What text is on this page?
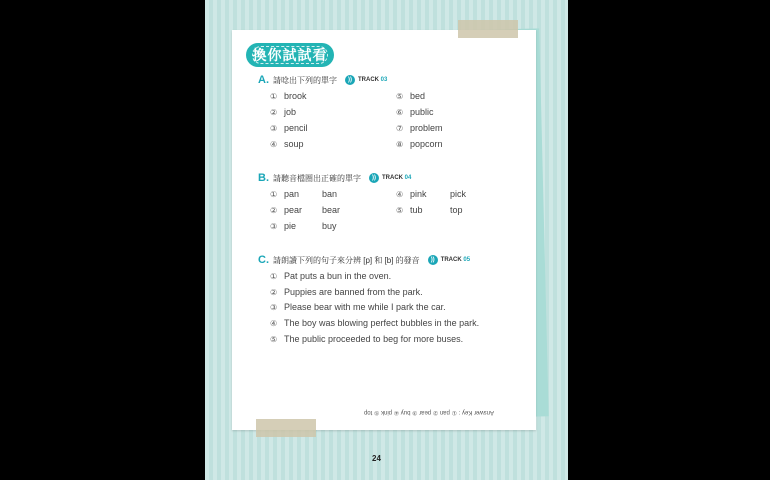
換你試試看
A. 請唸出下列的單字	))	TRACK
03
① brook
② job
③ pencil
④ soup
⑤ bed
⑥ public
⑦ problem
⑧ popcorn
B. 請聽音檔圈出正確的單字	))	TRACK
04
① pan	ban
② pear bear
③ pie	buy
④ pink	pick
⑤ tub	top
C. 請朗讀下列的句子來分辨 [p] 和 [b] 的發音	))	TRACK
05
① Pat puts a bun in the oven.
② Puppies are banned from the park.
③ Please bear with me while I park the car.
④ The boy was blowing perfect bubbles in the park.
⑤ The public proceeded to beg for more buses.
Answer Key : ① pan ② pear ③ buy ④ pink ⑤ top
24
